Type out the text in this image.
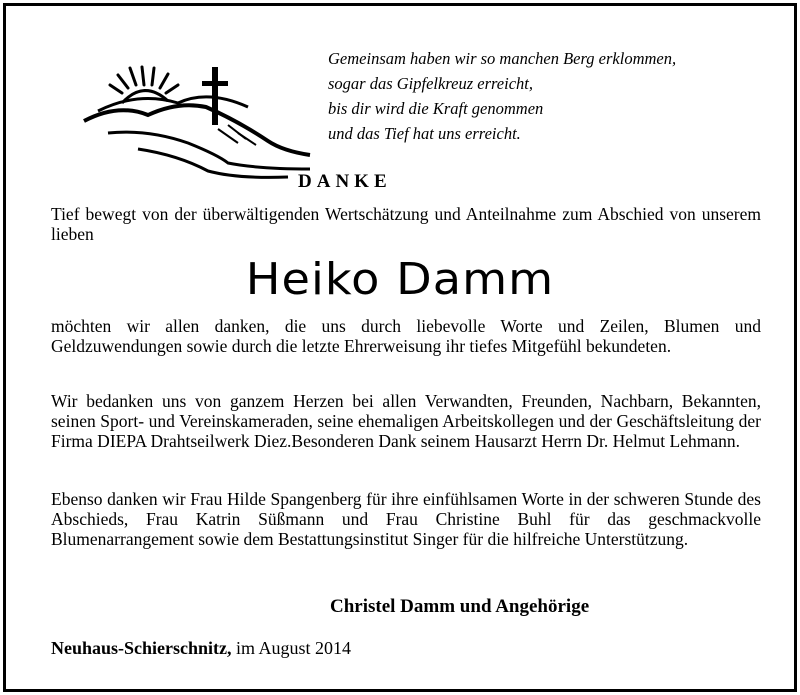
Gemeinsam haben wir so manchen Berg erklommen,
sogar das Gipfelkreuz erreicht,
bis dir wird die Kraft genommen
und das Tief hat uns erreicht.
DANKE

Tief bewegt von der überwältigenden Wertschätzung und Anteilnahme zum Abschied von unserem lieben

Heiko Damm

möchten wir allen danken, die uns durch liebevolle Worte und Zeilen, Blumen und Geldzuwendungen sowie durch die letzte Ehrerweisung ihr tiefes Mitgefühl bekundeten.

Wir bedanken uns von ganzem Herzen bei allen Verwandten, Freunden, Nachbarn, Bekannten, seinen Sport- und Vereinskameraden, seine ehemaligen Arbeitskollegen und der Geschäftsleitung der Firma DIEPA Drahtseilwerk Diez.Besonderen Dank seinem Hausarzt Herrn Dr. Helmut Lehmann.

Ebenso danken wir Frau Hilde Spangenberg für ihre einfühlsamen Worte in der schweren Stunde des Abschieds, Frau Katrin Süßmann und Frau Christine Buhl für das geschmackvolle Blumenarrangement sowie dem Bestattungsinstitut Singer für die hilfreiche Unterstützung.

Christel Damm und Angehörige
Neuhaus-Schierschnitz, im August 2014
